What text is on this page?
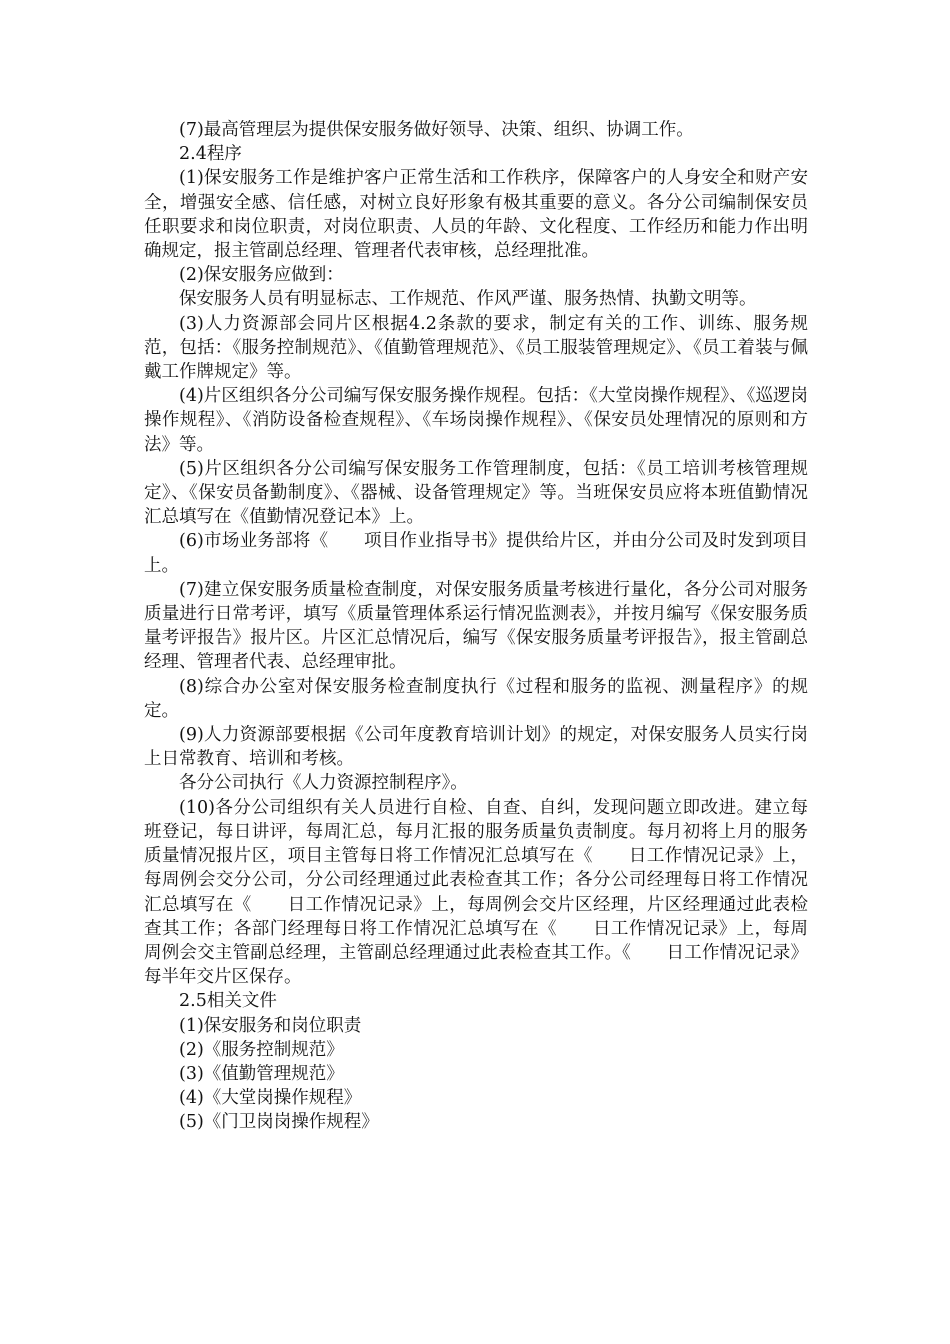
(7)最高管理层为提供保安服务做好领导、决策、组织、协调工作。

2.4程序

(1)保安服务工作是维护客户正常生活和工作秩序，保障客户的人身安全和财产安全，增强安全感、信任感，对树立良好形象有极其重要的意义。各分公司编制保安员任职要求和岗位职责，对岗位职责、人员的年龄、文化程度、工作经历和能力作出明确规定，报主管副总经理、管理者代表审核，总经理批准。

(2)保安服务应做到：

保安服务人员有明显标志、工作规范、作风严谨、服务热情、执勤文明等。

(3)人力资源部会同片区根据4.2条款的要求，制定有关的工作、训练、服务规范，包括：《服务控制规范》、《值勤管理规范》、《员工服装管理规定》、《员工着装与佩戴工作牌规定》等。

(4)片区组织各分公司编写保安服务操作规程。包括：《大堂岗操作规程》、《巡逻岗操作规程》、《消防设备检查规程》、《车场岗操作规程》、《保安员处理情况的原则和方法》等。

(5)片区组织各分公司编写保安服务工作管理制度，包括：《员工培训考核管理规定》、《保安员备勤制度》、《器械、设备管理规定》等。当班保安员应将本班值勤情况汇总填写在《值勤情况登记本》上。

(6)市场业务部将《　　项目作业指导书》提供给片区，并由分公司及时发到项目上。

(7)建立保安服务质量检查制度，对保安服务质量考核进行量化，各分公司对服务质量进行日常考评，填写《质量管理体系运行情况监测表》，并按月编写《保安服务质量考评报告》报片区。片区汇总情况后，编写《保安服务质量考评报告》，报主管副总经理、管理者代表、总经理审批。

(8)综合办公室对保安服务检查制度执行《过程和服务的监视、测量程序》的规定。

(9)人力资源部要根据《公司年度教育培训计划》的规定，对保安服务人员实行岗上日常教育、培训和考核。

各分公司执行《人力资源控制程序》。

(10)各分公司组织有关人员进行自检、自查、自纠，发现问题立即改进。建立每班登记，每日讲评，每周汇总，每月汇报的服务质量负责制度。每月初将上月的服务质量情况报片区，项目主管每日将工作情况汇总填写在《　　日工作情况记录》上，每周例会交分公司，分公司经理通过此表检查其工作；各分公司经理每日将工作情况汇总填写在《　　日工作情况记录》上，每周例会交片区经理，片区经理通过此表检查其工作；各部门经理每日将工作情况汇总填写在《　　日工作情况记录》上，每周周例会交主管副总经理，主管副总经理通过此表检查其工作。《　　日工作情况记录》每半年交片区保存。

2.5相关文件

(1)保安服务和岗位职责

(2)《服务控制规范》

(3)《值勤管理规范》

(4)《大堂岗操作规程》

(5)《门卫岗岗操作规程》
